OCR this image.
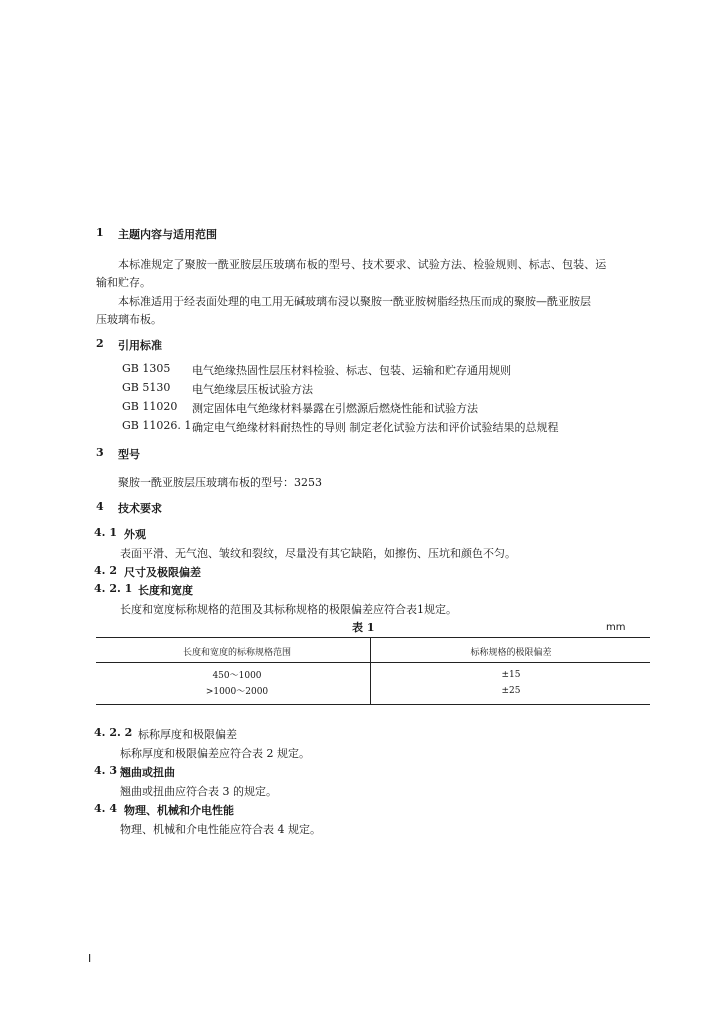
1 主题内容与适用范围
本标准规定了聚胺一酰亚胺层压玻璃布板的型号、技术要求、试验方法、检验规则、标志、包装、运
输和贮存。
本标准适用于经表面处理的电工用无碱玻璃布浸以聚胺一酰亚胺树脂经热压而成的聚胺—酰亚胺层
压玻璃布板。
2 引用标准
GB 1305 电气绝缘热固性层压材料检验、标志、包装、运输和贮存通用规则
GB 5130 电气绝缘层压板试验方法
GB 11020 测定固体电气绝缘材料暴露在引燃源后燃烧性能和试验方法
GB 11026. 1 确定电气绝缘材料耐热性的导则 制定老化试验方法和评价试验结果的总规程
3 型号
聚胺一酰亚胺层压玻璃布板的型号：3253
4 技术要求
4. 1 外观
表面平滑、无气泡、皱纹和裂纹，尽量没有其它缺陷，如擦伤、压坑和颜色不匀。
4. 2 尺寸及极限偏差
4. 2. 1 长度和宽度
长度和宽度标称规格的范围及其标称规格的极限偏差应符合表1规定。
表 1	mm
长度和宽度的标称规格范围	标称规格的极限偏差
450～1000	±15
>1000～2000	±25
4. 2. 2 标称厚度和极限偏差
标称厚度和极限偏差应符合表 2 规定。
4. 3 翘曲或扭曲
翘曲或扭曲应符合表 3 的规定。
4. 4 物理、机械和介电性能
物理、机械和介电性能应符合表 4 规定。
I
